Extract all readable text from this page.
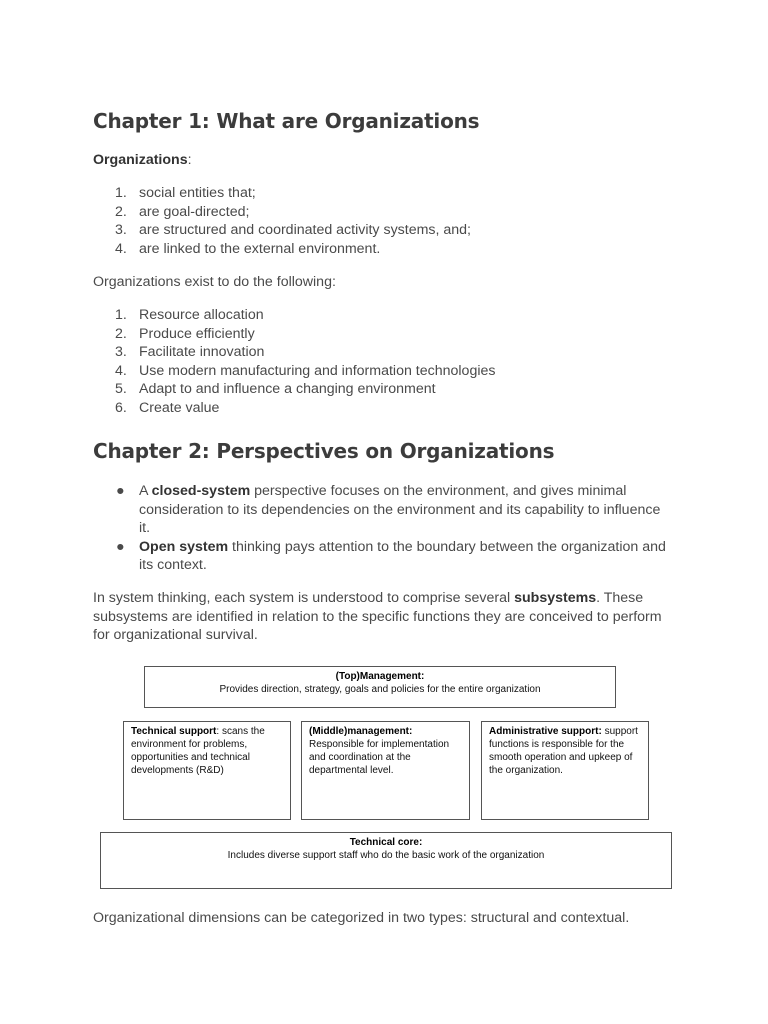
Chapter 1: What are Organizations

Organizations:

1. social entities that;
2. are goal-directed;
3. are structured and coordinated activity systems, and;
4. are linked to the external environment.

Organizations exist to do the following:

1. Resource allocation
2. Produce efficiently
3. Facilitate innovation
4. Use modern manufacturing and information technologies
5. Adapt to and influence a changing environment
6. Create value
Chapter 2: Perspectives on Organizations
● A closed-system perspective focuses on the environment, and gives minimal consideration to its dependencies on the environment and its capability to influence it.
● Open system thinking pays attention to the boundary between the organization and its context.

In system thinking, each system is understood to comprise several subsystems. These subsystems are identified in relation to the specific functions they are conceived to perform for organizational survival.

Organizational dimensions can be categorized in two types: structural and contextual.

(Top)Management:
Provides direction, strategy, goals and policies for the entire organization
Technical support: scans the environment for problems, opportunities and technical developments (R&D)
(Middle)management:
Responsible for implementation and coordination at the departmental level.
Administrative support: support functions is responsible for the smooth operation and upkeep of the organization.
Technical core:
Includes diverse support staff who do the basic work of the organization
